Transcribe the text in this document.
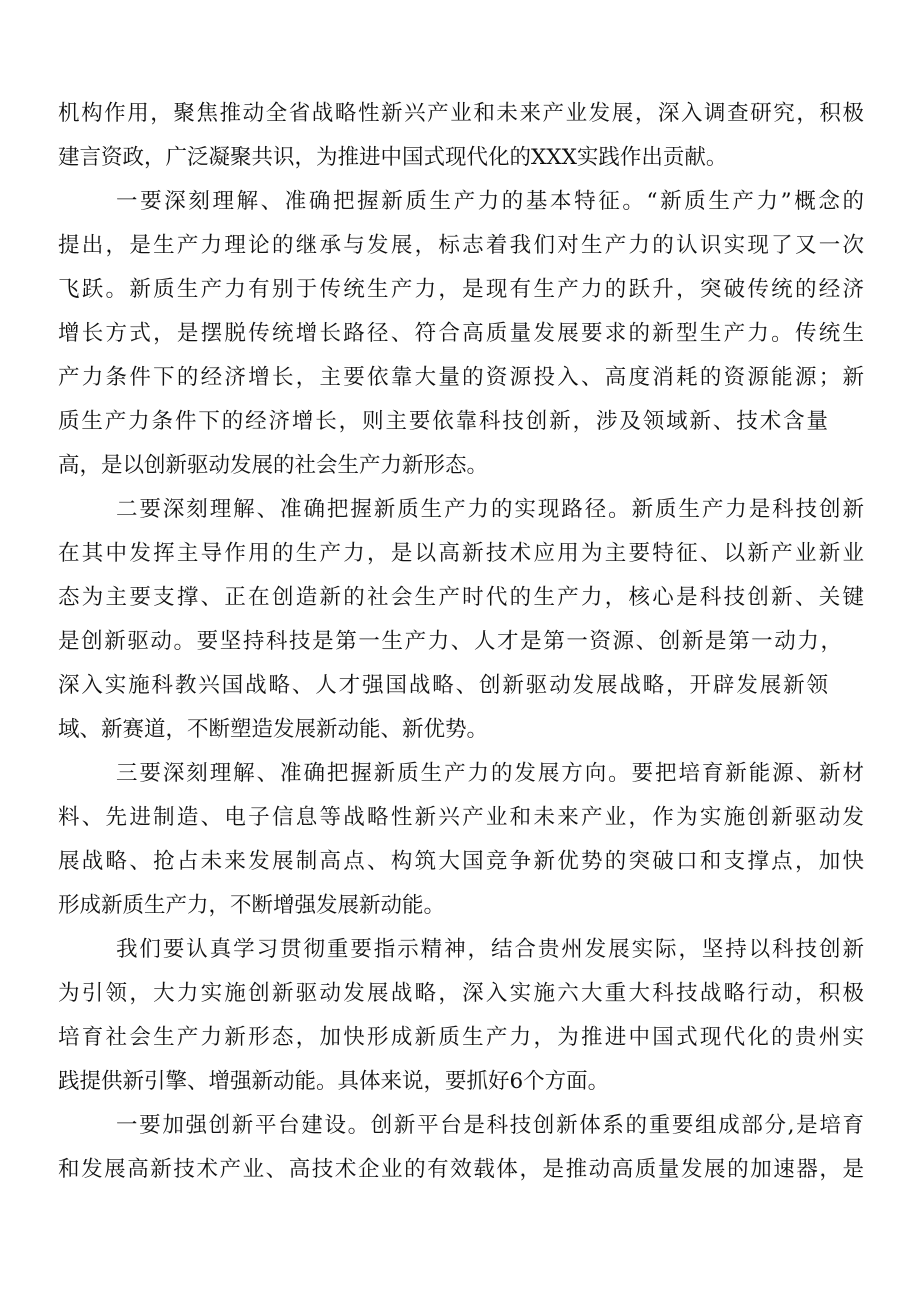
机构作用，聚焦推动全省战略性新兴产业和未来产业发展，深入调查研究，积极
建言资政，广泛凝聚共识，为推进中国式现代化的XXX实践作出贡献。
一要深刻理解、准确把握新质生产力的基本特征。“新质生产力”概念的
提出，是生产力理论的继承与发展，标志着我们对生产力的认识实现了又一次
飞跃。新质生产力有别于传统生产力，是现有生产力的跃升，突破传统的经济
增长方式，是摆脱传统增长路径、符合高质量发展要求的新型生产力。传统生
产力条件下的经济增长，主要依靠大量的资源投入、高度消耗的资源能源；新
质生产力条件下的经济增长，则主要依靠科技创新，涉及领域新、技术含量
高，是以创新驱动发展的社会生产力新形态。
二要深刻理解、准确把握新质生产力的实现路径。新质生产力是科技创新
在其中发挥主导作用的生产力，是以高新技术应用为主要特征、以新产业新业
态为主要支撑、正在创造新的社会生产时代的生产力，核心是科技创新、关键
是创新驱动。要坚持科技是第一生产力、人才是第一资源、创新是第一动力，
深入实施科教兴国战略、人才强国战略、创新驱动发展战略，开辟发展新领
域、新赛道，不断塑造发展新动能、新优势。
三要深刻理解、准确把握新质生产力的发展方向。要把培育新能源、新材
料、先进制造、电子信息等战略性新兴产业和未来产业，作为实施创新驱动发
展战略、抢占未来发展制高点、构筑大国竞争新优势的突破口和支撑点，加快
形成新质生产力，不断增强发展新动能。
我们要认真学习贯彻重要指示精神，结合贵州发展实际，坚持以科技创新
为引领，大力实施创新驱动发展战略，深入实施六大重大科技战略行动，积极
培育社会生产力新形态，加快形成新质生产力，为推进中国式现代化的贵州实
践提供新引擎、增强新动能。具体来说，要抓好6个方面。
一要加强创新平台建设。创新平台是科技创新体系的重要组成部分,是培育
和发展高新技术产业、高技术企业的有效载体，是推动高质量发展的加速器，是
